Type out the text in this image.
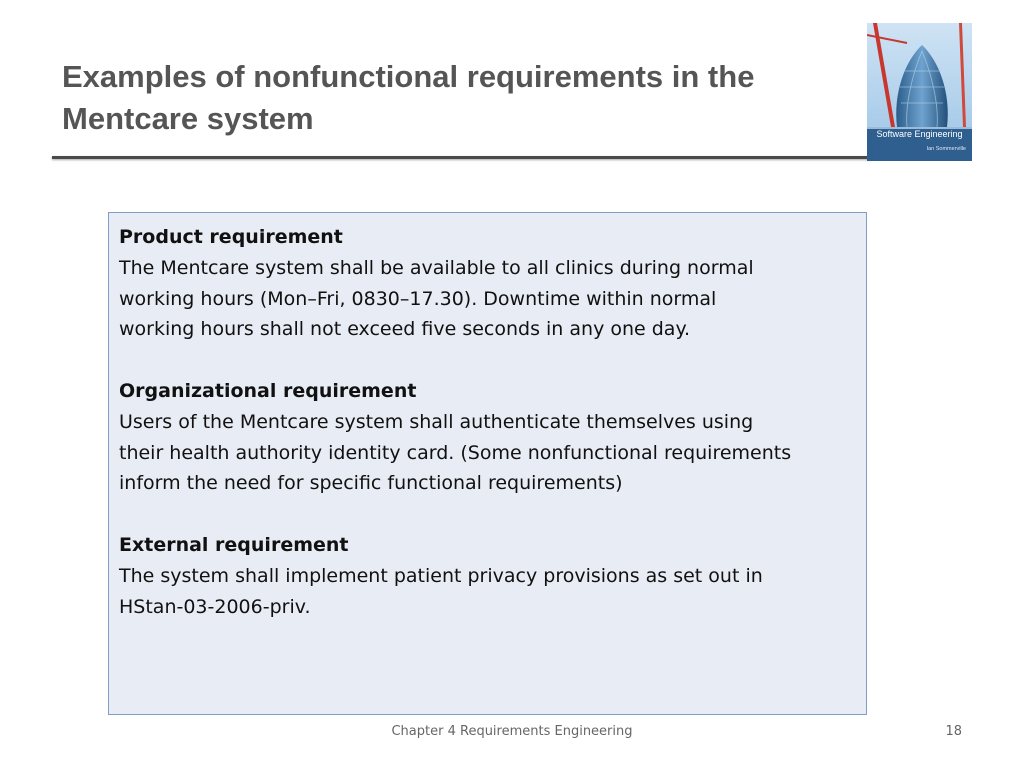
Examples of nonfunctional requirements in the Mentcare system	Software Engineering
Ian Sommerville
Product requirement
The Mentcare system shall be available to all clinics during normal
working hours (Mon–Fri, 0830–17.30). Downtime within normal
working hours shall not exceed five seconds in any one day.
Organizational requirement
Users of the Mentcare system shall authenticate themselves using
their health authority identity card. (Some nonfunctional requirements
inform the need for specific functional requirements)
External requirement
The system shall implement patient privacy provisions as set out in
HStan-03-2006-priv.
Chapter 4 Requirements Engineering	18
